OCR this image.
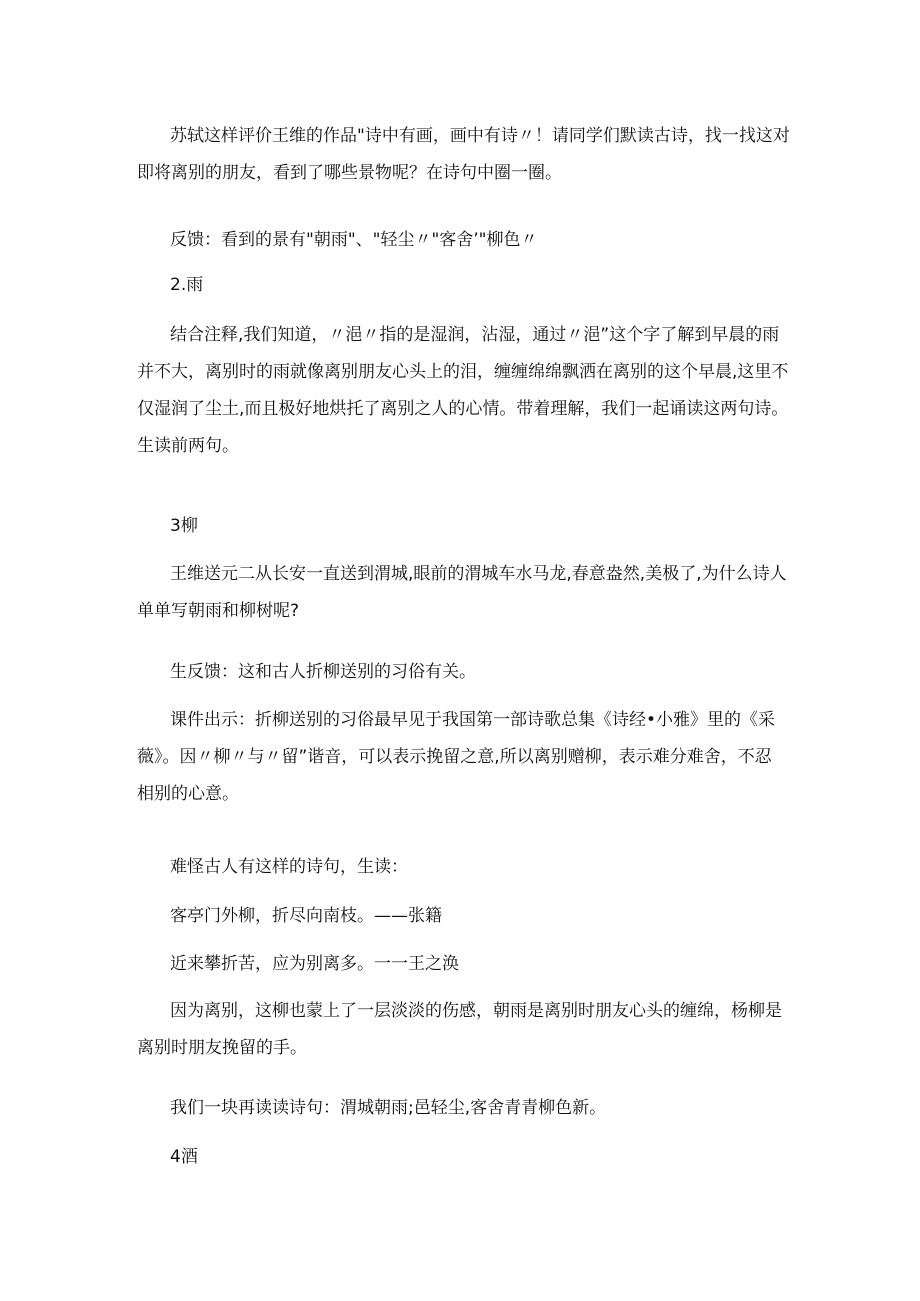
苏轼这样评价王维的作品"诗中有画，画中有诗〃！请同学们默读古诗，找一找这对
即将离别的朋友，看到了哪些景物呢？在诗句中圈一圈。
反馈：看到的景有"朝雨"、"轻尘〃"客舍’"柳色〃
2.雨
结合注释,我们知道，〃浥〃指的是湿润，沾湿，通过〃浥”这个字了解到早晨的雨
并不大，离别时的雨就像离别朋友心头上的泪，缠缠绵绵飘洒在离别的这个早晨,这里不
仅湿润了尘土,而且极好地烘托了离别之人的心情。带着理解，我们一起诵读这两句诗。
生读前两句。
3柳
王维送元二从长安一直送到渭城,眼前的渭城车水马龙,春意盎然,美极了,为什么诗人
单单写朝雨和柳树呢?
生反馈：这和古人折柳送别的习俗有关。
课件出示：折柳送别的习俗最早见于我国第一部诗歌总集《诗经•小雅》里的《采
薇》。因〃柳〃与〃留”谐音，可以表示挽留之意,所以离别赠柳，表示难分难舍，不忍
相别的心意。
难怪古人有这样的诗句，生读：
客亭门外柳，折尽向南枝。——张籍
近来攀折苦，应为别离多。一一王之涣
因为离别，这柳也蒙上了一层淡淡的伤感，朝雨是离别时朋友心头的缠绵，杨柳是
离别时朋友挽留的手。
我们一块再读读诗句：渭城朝雨;邑轻尘,客舍青青柳色新。
4酒
